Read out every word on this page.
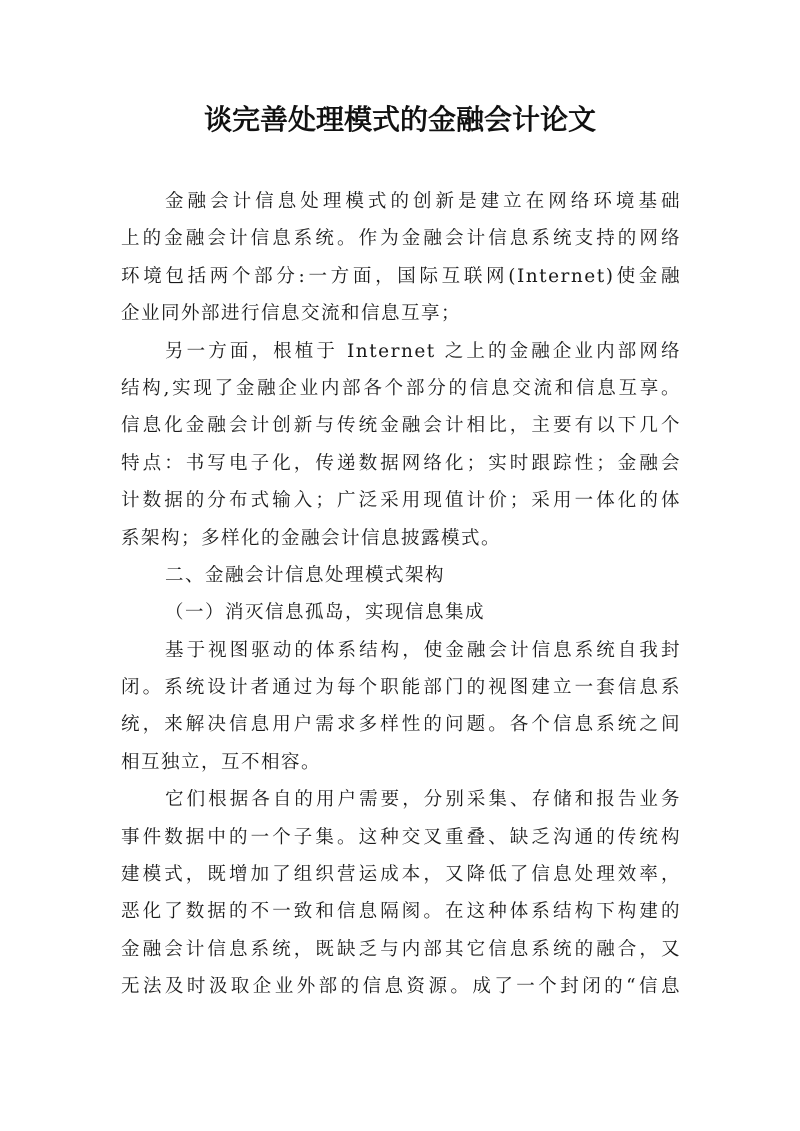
谈完善处理模式的金融会计论文
金融会计信息处理模式的创新是建立在网络环境基础
上的金融会计信息系统。作为金融会计信息系统支持的网络
环境包括两个部分:一方面，国际互联网(Internet)使金融
企业同外部进行信息交流和信息互享；
另一方面，根植于 Internet 之上的金融企业内部网络
结构,实现了金融企业内部各个部分的信息交流和信息互享。
信息化金融会计创新与传统金融会计相比，主要有以下几个
特点：书写电子化，传递数据网络化；实时跟踪性；金融会
计数据的分布式输入；广泛采用现值计价；采用一体化的体
系架构；多样化的金融会计信息披露模式。
二、金融会计信息处理模式架构
（一）消灭信息孤岛，实现信息集成
基于视图驱动的体系结构，使金融会计信息系统自我封
闭。系统设计者通过为每个职能部门的视图建立一套信息系
统，来解决信息用户需求多样性的问题。各个信息系统之间
相互独立，互不相容。
它们根据各自的用户需要，分别采集、存储和报告业务
事件数据中的一个子集。这种交叉重叠、缺乏沟通的传统构
建模式，既增加了组织营运成本，又降低了信息处理效率，
恶化了数据的不一致和信息隔阂。在这种体系结构下构建的
金融会计信息系统，既缺乏与内部其它信息系统的融合，又
无法及时汲取企业外部的信息资源。成了一个封闭的“信息
